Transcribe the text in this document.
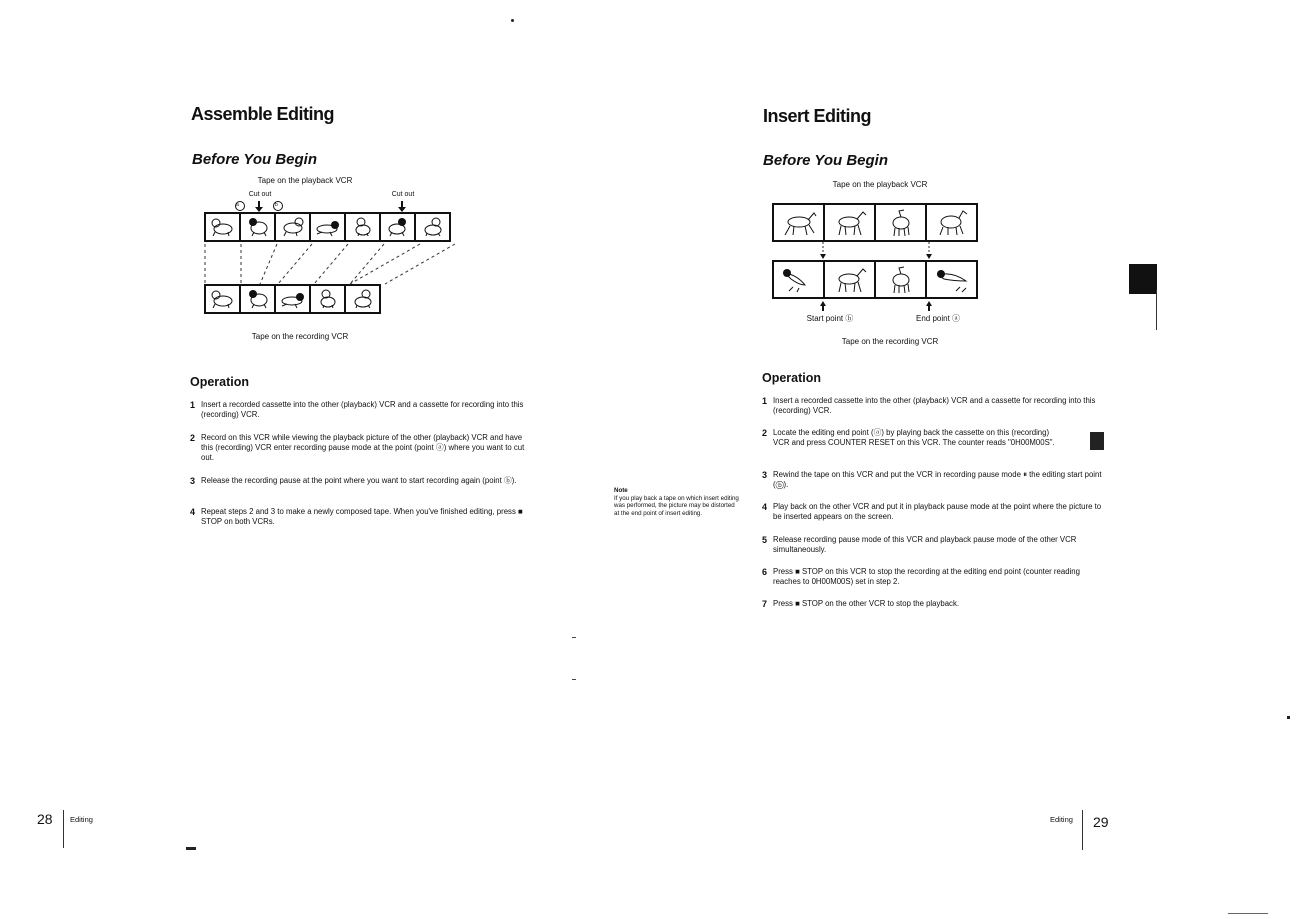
Assemble Editing
Before You Begin
Tape on the playback VCR
Cut out	Cut out
a	b
Tape on the recording VCR
Operation
1 Insert a recorded cassette into the other (playback) VCR and a cassette for recording into this (recording) VCR.
2 Record on this VCR while viewing the playback picture of the other (playback) VCR and have this (recording) VCR enter recording pause mode at the point (point ⓐ) where you want to cut out.
3 Release the recording pause at the point where you want to start recording again (point ⓑ).
4 Repeat steps 2 and 3 to make a newly composed tape. When you've finished editing, press ■ STOP on both VCRs.
Note
If you play back a tape on which insert editing was performed, the picture may be distorted at the end point of insert editing.
28 Editing
Insert Editing
Before You Begin
Tape on the playback VCR
Start point ⓑ	End point ⓐ
Tape on the recording VCR
Operation
1 Insert a recorded cassette into the other (playback) VCR and a cassette for recording into this (recording) VCR.
2 Locate the editing end point (ⓐ) by playing back the cassette on this (recording) VCR and press COUNTER RESET on this VCR. The counter reads "0H00M00S".
3 Rewind the tape on this VCR and put the VCR in recording pause mode ⏸ the editing start point (ⓑ).
4 Play back on the other VCR and put it in playback pause mode at the point where the picture to be inserted appears on the screen.
5 Release recording pause mode of this VCR and playback pause mode of the other VCR simultaneously.
6 Press ■ STOP on this VCR to stop the recording at the editing end point (counter reading reaches to 0H00M00S) set in step 2.
7 Press ■ STOP on the other VCR to stop the playback.
Editing 29
